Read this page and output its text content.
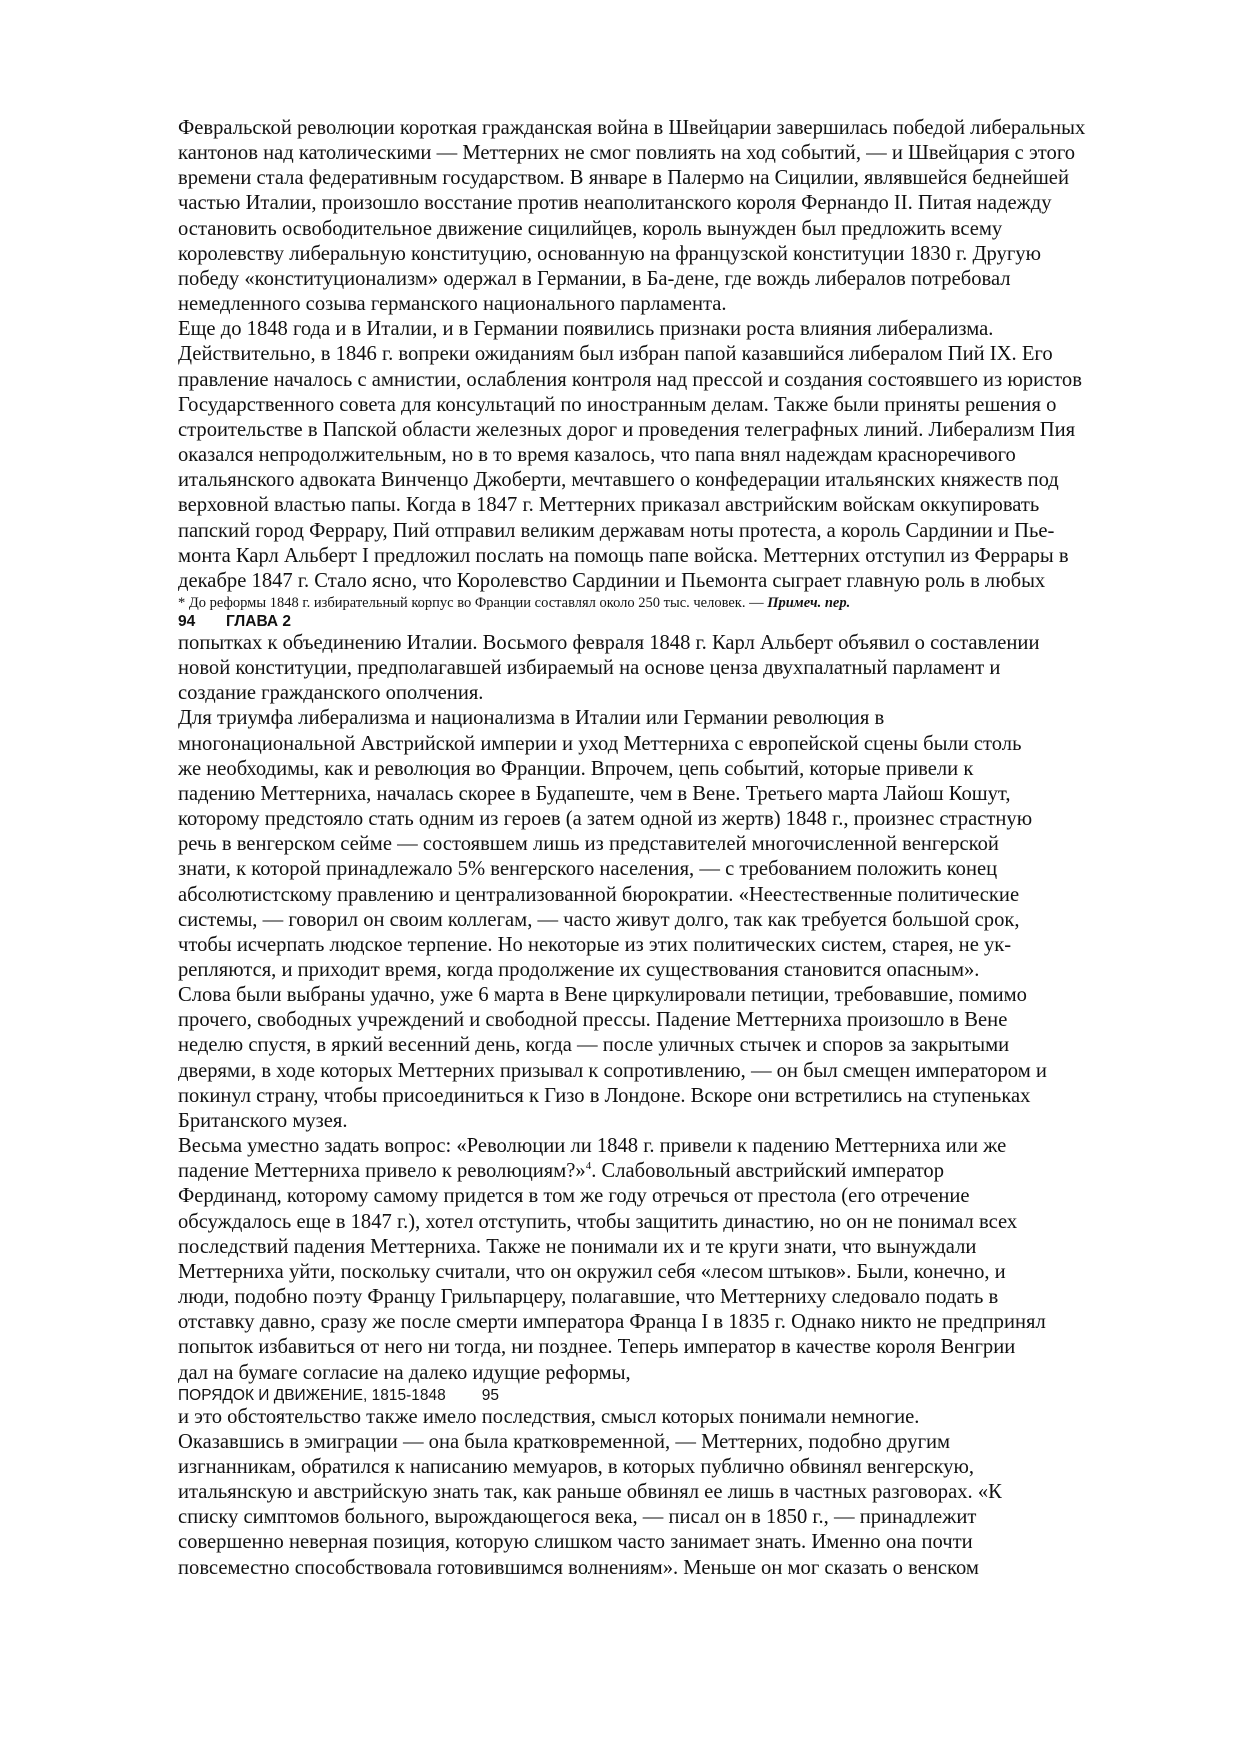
Февральской революции короткая гражданская война в Швейцарии завершилась победой либеральных
кантонов над католическими — Меттерних не смог повлиять на ход событий, — и Швейцария с этого
времени стала федеративным государством. В январе в Палермо на Сицилии, являвшейся беднейшей
частью Италии, произошло восстание против неаполитанского короля Фернандо II. Питая надежду
остановить освободительное движение сицилийцев, король вынужден был предложить всему
королевству либеральную конституцию, основанную на французской конституции 1830 г. Другую
победу «конституционализм» одержал в Германии, в Ба-дене, где вождь либералов потребовал
немедленного созыва германского национального парламента.
Еще до 1848 года и в Италии, и в Германии появились признаки роста влияния либерализма.
Действительно, в 1846 г. вопреки ожиданиям был избран папой казавшийся либералом Пий IX. Его
правление началось с амнистии, ослабления контроля над прессой и создания состоявшего из юристов
Государственного совета для консультаций по иностранным делам. Также были приняты решения о
строительстве в Папской области железных дорог и проведения телеграфных линий. Либерализм Пия
оказался непродолжительным, но в то время казалось, что папа внял надеждам красноречивого
итальянского адвоката Винченцо Джоберти, мечтавшего о конфедерации итальянских княжеств под
верховной властью папы. Когда в 1847 г. Меттерних приказал австрийским войскам оккупировать
папский город Феррару, Пий отправил великим державам ноты протеста, а король Сардинии и Пье-
монта Карл Альберт I предложил послать на помощь папе войска. Меттерних отступил из Феррары в
декабре 1847 г. Стало ясно, что Королевство Сардинии и Пьемонта сыграет главную роль в любых

* До реформы 1848 г. избирательный корпус во Франции составлял около 250 тыс. человек. — Примеч. пер.

94 ГЛАВА 2

попытках к объединению Италии. Восьмого февраля 1848 г. Карл Альберт объявил о составлении
новой конституции, предполагавшей избираемый на основе ценза двухпалатный парламент и
создание гражданского ополчения.
Для триумфа либерализма и национализма в Италии или Германии революция в
многонациональной Австрийской империи и уход Меттерниха с европейской сцены были столь
же необходимы, как и революция во Франции. Впрочем, цепь событий, которые привели к
падению Меттерниха, началась скорее в Будапеште, чем в Вене. Третьего марта Лайош Кошут,
которому предстояло стать одним из героев (а затем одной из жертв) 1848 г., произнес страстную
речь в венгерском сейме — состоявшем лишь из представителей многочисленной венгерской
знати, к которой принадлежало 5% венгерского населения, — с требованием положить конец
абсолютистскому правлению и централизованной бюрократии. «Неестественные политические
системы, — говорил он своим коллегам, — часто живут долго, так как требуется большой срок,
чтобы исчерпать людское терпение. Но некоторые из этих политических систем, старея, не ук-
репляются, и приходит время, когда продолжение их существования становится опасным».
Слова были выбраны удачно, уже 6 марта в Вене циркулировали петиции, требовавшие, помимо
прочего, свободных учреждений и свободной прессы. Падение Меттерниха произошло в Вене
неделю спустя, в яркий весенний день, когда — после уличных стычек и споров за закрытыми
дверями, в ходе которых Меттерних призывал к сопротивлению, — он был смещен императором и
покинул страну, чтобы присоединиться к Гизо в Лондоне. Вскоре они встретились на ступеньках
Британского музея.
Весьма уместно задать вопрос: «Революции ли 1848 г. привели к падению Меттерниха или же
падение Меттерниха привело к революциям?»$^4$. Слабовольный австрийский император
Фердинанд, которому самому придется в том же году отречься от престола (его отречение
обсуждалось еще в 1847 г.), хотел отступить, чтобы защитить династию, но он не понимал всех
последствий падения Меттерниха. Также не понимали их и те круги знати, что вынуждали
Меттерниха уйти, поскольку считали, что он окружил себя «лесом штыков». Были, конечно, и
люди, подобно поэту Францу Грильпарцеру, полагавшие, что Меттерниху следовало подать в
отставку давно, сразу же после смерти императора Франца I в 1835 г. Однако никто не предпринял
попыток избавиться от него ни тогда, ни позднее. Теперь император в качестве короля Венгрии
дал на бумаге согласие на далеко идущие реформы,

ПОРЯДОК И ДВИЖЕНИЕ, 1815-1848 95

и это обстоятельство также имело последствия, смысл которых понимали немногие.
Оказавшись в эмиграции — она была кратковременной, — Меттерних, подобно другим
изгнанникам, обратился к написанию мемуаров, в которых публично обвинял венгерскую,
итальянскую и австрийскую знать так, как раньше обвинял ее лишь в частных разговорах. «К
списку симптомов больного, вырождающегося века, — писал он в 1850 г., — принадлежит
совершенно неверная позиция, которую слишком часто занимает знать. Именно она почти
повсеместно способствовала готовившимся волнениям». Меньше он мог сказать о венском
